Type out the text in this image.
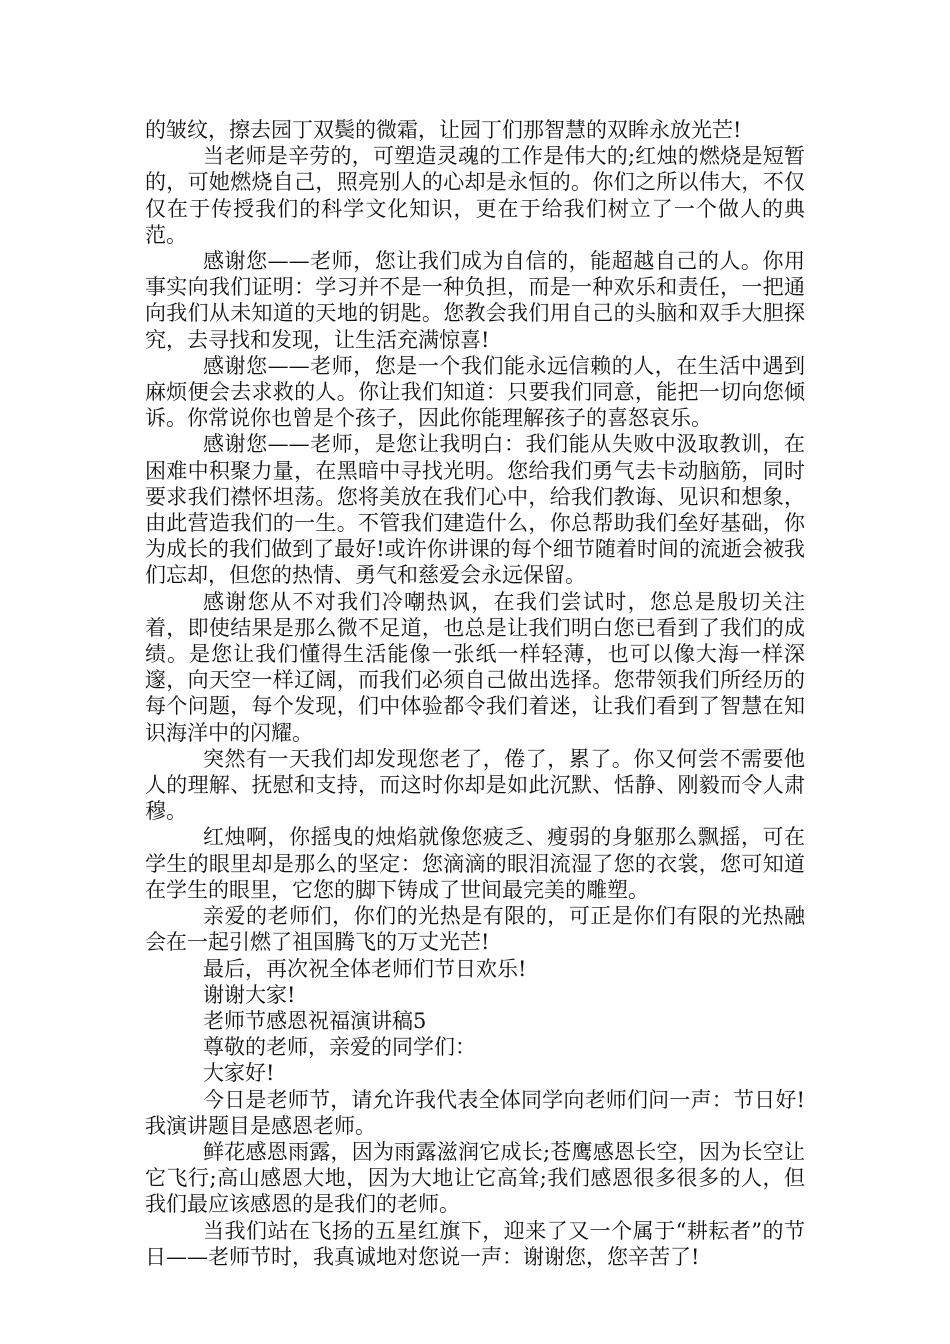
的皱纹，擦去园丁双鬓的微霜，让园丁们那智慧的双眸永放光芒!

当老师是辛劳的，可塑造灵魂的工作是伟大的;红烛的燃烧是短暂的，可她燃烧自己，照亮别人的心却是永恒的。你们之所以伟大，不仅仅在于传授我们的科学文化知识，更在于给我们树立了一个做人的典范。

感谢您——老师，您让我们成为自信的，能超越自己的人。你用事实向我们证明：学习并不是一种负担，而是一种欢乐和责任，一把通向我们从未知道的天地的钥匙。您教会我们用自己的头脑和双手大胆探究，去寻找和发现，让生活充满惊喜!

感谢您——老师，您是一个我们能永远信赖的人，在生活中遇到麻烦便会去求救的人。你让我们知道：只要我们同意，能把一切向您倾诉。你常说你也曾是个孩子，因此你能理解孩子的喜怒哀乐。

感谢您——老师，是您让我明白：我们能从失败中汲取教训，在困难中积聚力量，在黑暗中寻找光明。您给我们勇气去卡动脑筋，同时要求我们襟怀坦荡。您将美放在我们心中，给我们教诲、见识和想象，由此营造我们的一生。不管我们建造什么，你总帮助我们垒好基础，你为成长的我们做到了最好!或许你讲课的每个细节随着时间的流逝会被我们忘却，但您的热情、勇气和慈爱会永远保留。

感谢您从不对我们冷嘲热讽，在我们尝试时，您总是殷切关注着，即使结果是那么微不足道，也总是让我们明白您已看到了我们的成绩。是您让我们懂得生活能像一张纸一样轻薄，也可以像大海一样深邃，向天空一样辽阔，而我们必须自己做出选择。您带领我们所经历的每个问题，每个发现，们中体验都令我们着迷，让我们看到了智慧在知识海洋中的闪耀。

突然有一天我们却发现您老了，倦了，累了。你又何尝不需要他人的理解、抚慰和支持，而这时你却是如此沉默、恬静、刚毅而令人肃穆。

红烛啊，你摇曳的烛焰就像您疲乏、瘦弱的身躯那么飘摇，可在学生的眼里却是那么的坚定：您滴滴的眼泪流湿了您的衣裳，您可知道在学生的眼里，它您的脚下铸成了世间最完美的雕塑。

亲爱的老师们，你们的光热是有限的，可正是你们有限的光热融会在一起引燃了祖国腾飞的万丈光芒!

最后，再次祝全体老师们节日欢乐!

谢谢大家!

老师节感恩祝福演讲稿5

尊敬的老师，亲爱的同学们：

大家好!

今日是老师节，请允许我代表全体同学向老师们问一声：节日好!我演讲题目是感恩老师。

鲜花感恩雨露，因为雨露滋润它成长;苍鹰感恩长空，因为长空让它飞行;高山感恩大地，因为大地让它高耸;我们感恩很多很多的人，但我们最应该感恩的是我们的老师。

当我们站在飞扬的五星红旗下，迎来了又一个属于“耕耘者”的节日——老师节时，我真诚地对您说一声：谢谢您，您辛苦了!
